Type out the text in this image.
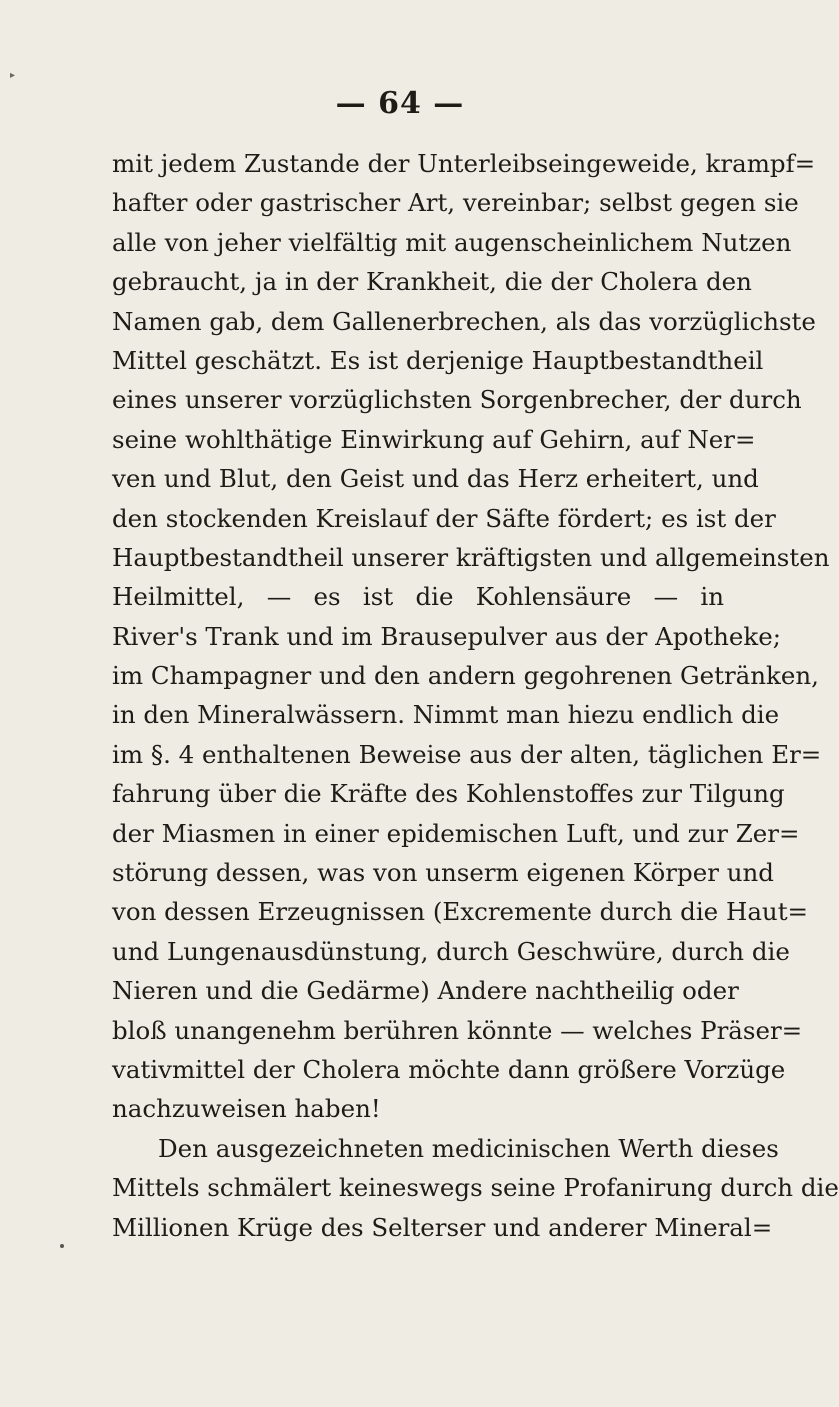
▸
— 64 —
mit jedem Zustande der Unterleibseingeweide, krampf=
hafter oder gastrischer Art, vereinbar; selbst gegen sie
alle von jeher vielfältig mit augenscheinlichem Nutzen
gebraucht, ja in der Krankheit, die der Cholera den
Namen gab, dem Gallenerbrechen, als das vorzüglichste
Mittel geschätzt. Es ist derjenige Hauptbestandtheil
eines unserer vorzüglichsten Sorgenbrecher, der durch
seine wohlthätige Einwirkung auf Gehirn, auf Ner=
ven und Blut, den Geist und das Herz erheitert, und
den stockenden Kreislauf der Säfte fördert; es ist der
Hauptbestandtheil unserer kräftigsten und allgemeinsten
Heilmittel, — es ist die Kohlensäure — in
River's Trank und im Brausepulver aus der Apotheke;
im Champagner und den andern gegohrenen Getränken,
in den Mineralwässern. Nimmt man hiezu endlich die
im §. 4 enthaltenen Beweise aus der alten, täglichen Er=
fahrung über die Kräfte des Kohlenstoffes zur Tilgung
der Miasmen in einer epidemischen Luft, und zur Zer=
störung dessen, was von unserm eigenen Körper und
von dessen Erzeugnissen (Excremente durch die Haut=
und Lungenausdünstung, durch Geschwüre, durch die
Nieren und die Gedärme) Andere nachtheilig oder
bloß unangenehm berühren könnte — welches Präser=
vativmittel der Cholera möchte dann größere Vorzüge
nachzuweisen haben!
Den ausgezeichneten medicinischen Werth dieses
Mittels schmälert keineswegs seine Profanirung durch die
Millionen Krüge des Selterser und anderer Mineral=
